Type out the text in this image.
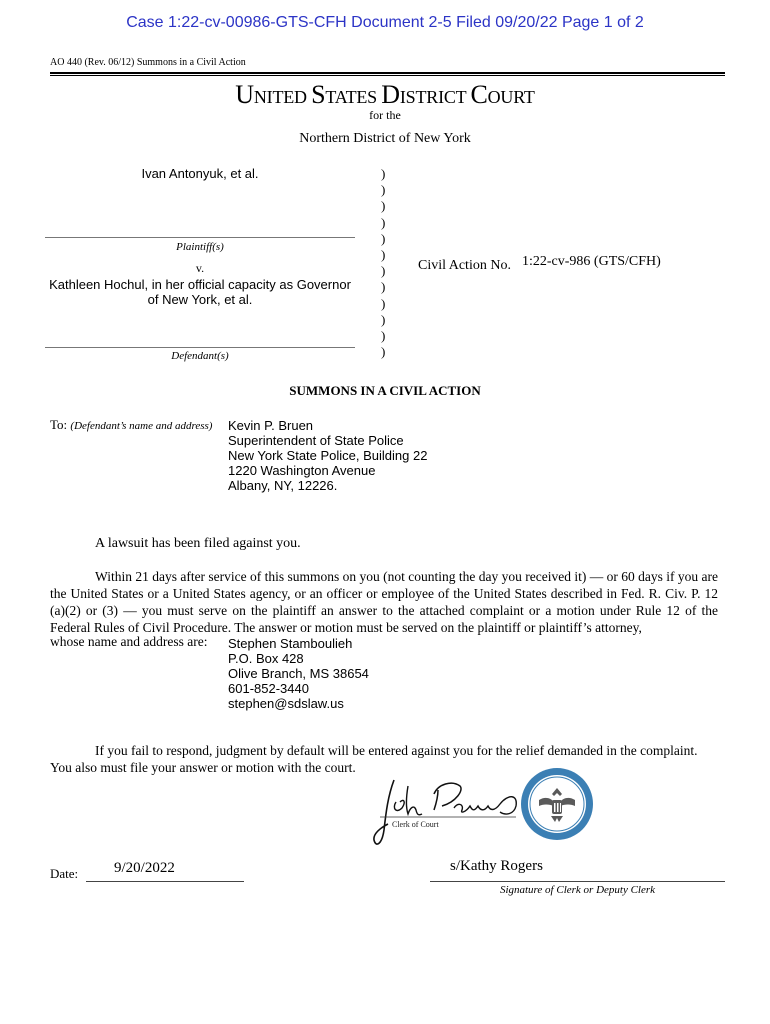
Case 1:22-cv-00986-GTS-CFH Document 2-5 Filed 09/20/22 Page 1 of 2
AO 440 (Rev. 06/12) Summons in a Civil Action
UNITED STATES DISTRICT COURT
for the
Northern District of New York
Ivan Antonyuk, et al.
Plaintiff(s)
v.
Kathleen Hochul, in her official capacity as Governor of New York, et al.
Defendant(s)
)
)
)
)
)
)
)
)
)
)
)
)
Civil Action No. 1:22-cv-986 (GTS/CFH)
SUMMONS IN A CIVIL ACTION
To: (Defendant’s name and address) Kevin P. Bruen
Superintendent of State Police
New York State Police, Building 22
1220 Washington Avenue
Albany, NY, 12226.
A lawsuit has been filed against you.
Within 21 days after service of this summons on you (not counting the day you received it) — or 60 days if you are the United States or a United States agency, or an officer or employee of the United States described in Fed. R. Civ. P. 12 (a)(2) or (3) — you must serve on the plaintiff an answer to the attached complaint or a motion under Rule 12 of the Federal Rules of Civil Procedure. The answer or motion must be served on the plaintiff or plaintiff’s attorney,
whose name and address are: Stephen Stamboulieh
P.O. Box 428
Olive Branch, MS 38654
601-852-3440
stephen@sdslaw.us
If you fail to respond, judgment by default will be entered against you for the relief demanded in the complaint. You also must file your answer or motion with the court.
Clerk of Court
Date: 9/20/2022	s/Kathy Rogers
Signature of Clerk or Deputy Clerk
